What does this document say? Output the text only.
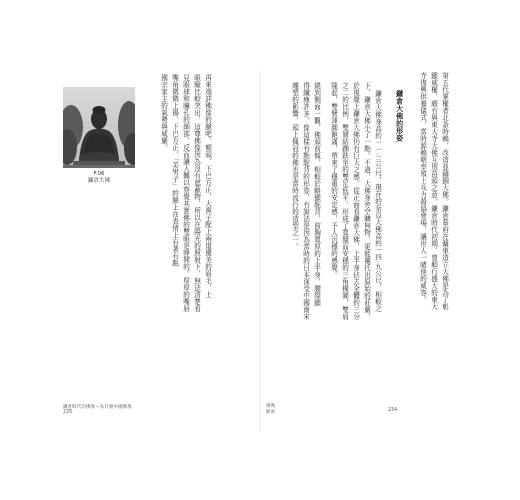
第五代掌權者北条時賴，改造並鑄銅大佛。鎌倉幕府在關東造立大佛是為了彰
顯威權，頗有與東大寺大佛互別苗頭之意。鎌倉時代初期，曾順行盛大的東大
寺復興供養儀式，當時源賴朝率領士兵力殺協會場，讓世人一睹他的威容。
鎌倉大佛的形姿
鎌倉大佛身高約一一‧三公尺，現存的奈良大佛高約一四‧九公尺，相較之
下，鎌倉大佛小了一點。不過，大佛身旁空曠無物，更能襯托出原始的莊嚴，
於視覺上鎌倉大佛仍有巨大之感。從正面看鎌倉大佛，上半身佔去全體約三分
之二的比例，雙層結跏趺坐的雙足低平，形成了寬闊而安穩的三角構圖，雙肩
隆起，雙臂渾圓飽滿，帶來了穩重的安定感，予人沉穩的感覺。
繞到側面一觀，佛頭前傾，相較於略顯駝背，前胸寬厚的上半身，腰際顯
得纖瘦許多。像這樣有點駝背的形姿，有說法是因為當時的日本深受中國南宋
雕塑的影響，頭上佩冠的佛也是當時流行的造型之一。
234
佛像
解密
再來端詳佛像的臉吧。額頭、下巴方正，大鼻子配上兩道優美的眉毛，上
眼瞼比較突出，這尊佛像因為沒有遮蔽物，所以在陽光的照射下，無法清楚看
見眼球和瞳孔的細部，反而讓人難以察覺其實佛的雙眼是睜開的。厚厚的嘴唇
嘴角微微上揚，下巴方正，「美男子」的臉上在表情上有著有點
國宗家主的氣勢與威嚴。
F.06
鎌倉大佛
鎌倉時代的佛像—為什麼中國佛像
235
